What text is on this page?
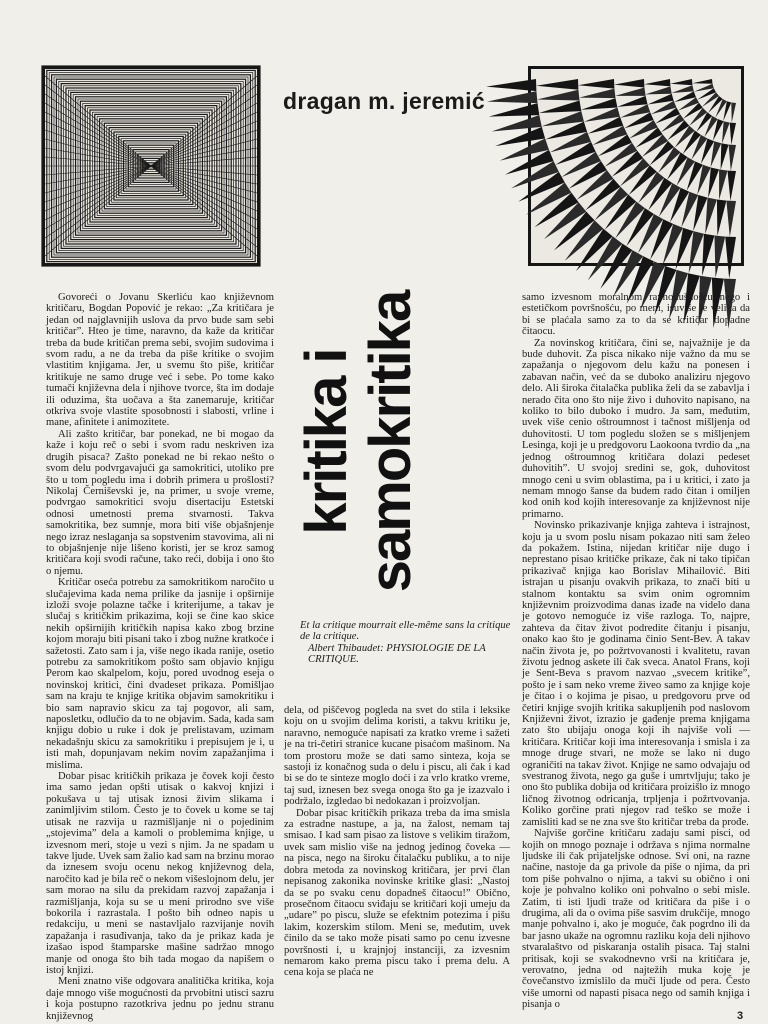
dragan m. jeremić
kritika i samokritika

Govoreći o Jovanu Skerliću kao književnom kritičaru, Bogdan Popović je rekao: „Za kritičara je jedan od najglavnijih uslova da prvo bude sam sebi kritičar”. Hteo je time, naravno, da kaže da kritičar treba da bude kritičan prema sebi, svojim sudovima i svom radu, a ne da treba da piše kritike o svojim vlastitim knjigama. Jer, u svemu što piše, kritičar kritikuje ne samo druge već i sebe. Po tome kako tumači književna dela i njihove tvorce, šta im dodaje ili oduzima, šta uočava a šta zanemaruje, kritičar otkriva svoje vlastite sposobnosti i slabosti, vrline i mane, afinitete i animozitete.

Ali zašto kritičar, bar ponekad, ne bi mogao da kaže i koju reč o sebi i svom radu neskriven iza drugih pisaca? Zašto ponekad ne bi rekao nešto o svom delu podvrgavajući ga samokritici, utoliko pre što u tom pogledu ima i dobrih primera u prošlosti? Nikolaj Černiševski je, na primer, u svoje vreme, podvrgao samokritici svoju disertaciju Estetski odnosi umetnosti prema stvarnosti. Takva samokritika, bez sumnje, mora biti više objašnjenje nego izraz neslaganja sa sopstvenim stavovima, ali ni to objašnjenje nije lišeno koristi, jer se kroz samog kritičara koji svodi račune, tako reći, dobija i ono što o njemu.

Kritičar oseća potrebu za samokritikom naročito u slučajevima kada nema prilike da jasnije i opširnije izloži svoje polazne tačke i kriterijume, a takav je slučaj s kritičkim prikazima, koji se čine kao skice nekih opširnijih kritičkih napisa kako zbog brzine kojom moraju biti pisani tako i zbog nužne kratkoće i sažetosti. Zato sam i ja, više nego ikada ranije, osetio potrebu za samokritikom pošto sam objavio knjigu Perom kao skalpelom, koju, pored uvodnog eseja o novinskoj kritici, čini dvadeset prikaza. Pomišljao sam na kraju te knjige kritika objavim samokritiku i bio sam napravio skicu za taj pogovor, ali sam, naposletku, odlučio da to ne objavim. Sada, kada sam knjigu dobio u ruke i dok je prelistavam, uzimam nekadašnju skicu za samokritiku i prepisujem je i, u isti mah, dopunjavam nekim novim zapažanjima i mislima.

Dobar pisac kritičkih prikaza je čovek koji često ima samo jedan opšti utisak o kakvoj knjizi i pokušava u taj utisak iznosi živim slikama i zanimljivim stilom. Često je to čovek u kome se taj utisak ne razvija u razmišljanje ni o pojedinim „stojevima” dela a kamoli o problemima knjige, u izvesnom meri, stoje u vezi s njim. Ja ne spadam u takve ljude. Uvek sam žalio kad sam na brzinu morao da iznesem svoju ocenu nekog književnog dela, naročito kad je bila reč o nekom višeslojnom delu, jer sam morao na silu da prekidam razvoj zapažanja i razmišljanja, koja su se u meni prirodno sve više bokorila i razrastala. I pošto bih odneo napis u redakciju, u meni se nastavljalo razvijanje novih zapažanja i rasuđivanja, tako da je prikaz kada je izašao ispod štamparske mašine sadržao mnogo manje od onoga što bih tada mogao da napišem o istoj knjizi.

Meni znatno više odgovara analitička kritika, koja daje mnogo više mogućnosti da prvobitni utisci sazru i koja postupno razotkriva jednu po jednu stranu književnog

Et la critique mourrait elle-même sans la critique de la critique.
Albert Thibaudet: PHYSIOLOGIE DE LA CRITIQUE.

dela, od piščevog pogleda na svet do stila i leksike koju on u svojim delima koristi, a takvu kritiku je, naravno, nemoguće napisati za kratko vreme i sažeti je na tri-četiri stranice kucane pisaćom mašinom. Na tom prostoru može se dati samo sinteza, koja se sastoji iz konačnog suda o delu i piscu, ali čak i kad bi se do te sinteze moglo doći i za vrlo kratko vreme, taj sud, iznesen bez svega onoga što ga je izazvalo i podržalo, izgledao bi nedokazan i proizvoljan.

Dobar pisac kritičkih prikaza treba da ima smisla za estradne nastupe, a ja, na žalost, nemam taj smisao. I kad sam pisao za listove s velikim tiražom, uvek sam mislio više na jednog jedinog čoveka — na pisca, nego na široku čitalačku publiku, a to nije dobra metoda za novinskog kritičara, jer prvi član nepisanog zakonika novinske kritike glasi: „Nastoj da se po svaku cenu dopadneš čitaocu!” Obično, prosečnom čitaocu sviđaju se kritičari koji umeju da „udare” po piscu, služe se efektnim potezima i pišu lakim, kozerskim stilom. Meni se, međutim, uvek činilo da se tako može pisati samo po cenu izvesne površnosti i, u krajnjoj instanciji, za izvesnim nemarom kako prema piscu tako i prema delu. A cena koja se plaća ne

samo izvesnom moralnom ravnodušnošću nego i estetičkom površnošću, po meni, isuviše je velika da bi se plaćala samo za to da se kritičar dopadne čitaocu.

Za novinskog kritičara, čini se, najvažnije je da bude duhovit. Za pisca nikako nije važno da mu se zapažanja o njegovom delu kažu na ponesen i zabavan način, već da se duboko analiziru njegovo delo. Ali široka čitalačka publika želi da se zabavlja i nerado čita ono što nije živo i duhovito napisano, na koliko to bilo duboko i mudro. Ja sam, međutim, uvek više cenio oštroumnost i tačnost mišljenja od duhovitosti. U tom pogledu složen se s mišljenjem Lesinga, koji je u predgovoru Laokoona tvrdio da „na jednog oštroumnog kritičara dolazi pedeset duhovitih”. U svojoj sredini se, gok, duhovitost mnogo ceni u svim oblastima, pa i u kritici, i zato ja nemam mnogo šanse da budem rado čitan i omiljen kod onih kod kojih interesovanje za književnost nije primarno.

Novinsko prikazivanje knjiga zahteva i istrajnost, koju ja u svom poslu nisam pokazao niti sam želeo da pokažem. Istina, nijedan kritičar nije dugo i neprestano pisao kritičke prikaze, čak ni tako tipičan prikazivač knjiga kao Borislav Mihailović. Biti istrajan u pisanju ovakvih prikaza, to znači biti u stalnom kontaktu sa svim onim ogromnim književnim proizvodima danas izađe na videlo dana je gotovo nemoguće iz više razloga. To, najpre, zahteva da čitav život podredite čitanju i pisanju, onako kao što je godinama činio Sent-Bev. A takav način života je, po požrtvovanosti i kvalitetu, ravan životu jednog askete ili čak sveca. Anatol Frans, koji je Sent-Beva s pravom nazvao „svecem kritike”, pošto je i sam neko vreme živeo samo za knjige koje je čitao i o kojima je pisao, u predgovoru prve od četiri knjige svojih kritika sakupljenih pod naslovom Književni život, izrazio je gađenje prema knjigama zato što ubijaju onoga koji ih najviše voli — kritičara. Kritičar koji ima interesovanja i smisla i za mnoge druge stvari, ne može se lako ni dugo ograničiti na takav život. Knjige ne samo odvajaju od svestranog života, nego ga guše i umrtvljuju; tako je ono što publika dobija od kritičara proizišlo iz mnogo ličnog životnog odricanja, trpljenja i požrtvovanja. Koliko gorčine prati njegov rad teško se može i zamisliti kad se ne zna sve što kritičar treba da prođe.

Najviše gorčine kritičaru zadaju sami pisci, od kojih on mnogo poznaje i održava s njima normalne ljudske ili čak prijateljske odnose. Svi oni, na razne načine, nastoje da ga privole da piše o njima, da pri tom piše pohvalno o njima, a takvi su obično i oni koje je pohvalno koliko oni pohvalno o sebi misle. Zatim, ti isti ljudi traže od kritičara da piše i o drugima, ali da o ovima piše sasvim drukčije, mnogo manje pohvalno i, ako je moguće, čak pogrdno ili da bar jasno ukaže na ogromnu razliku koja deli njihovo stvaralaštvo od piskaranja ostalih pisaca. Taj stalni pritisak, koji se svakodnevno vrši na kritičara je, verovatno, jedna od najtežih muka koje je čovečanstvo izmislilo da muči ljude od pera. Često više umorni od napasti pisaca nego od samih knjiga i pisanja o

3
